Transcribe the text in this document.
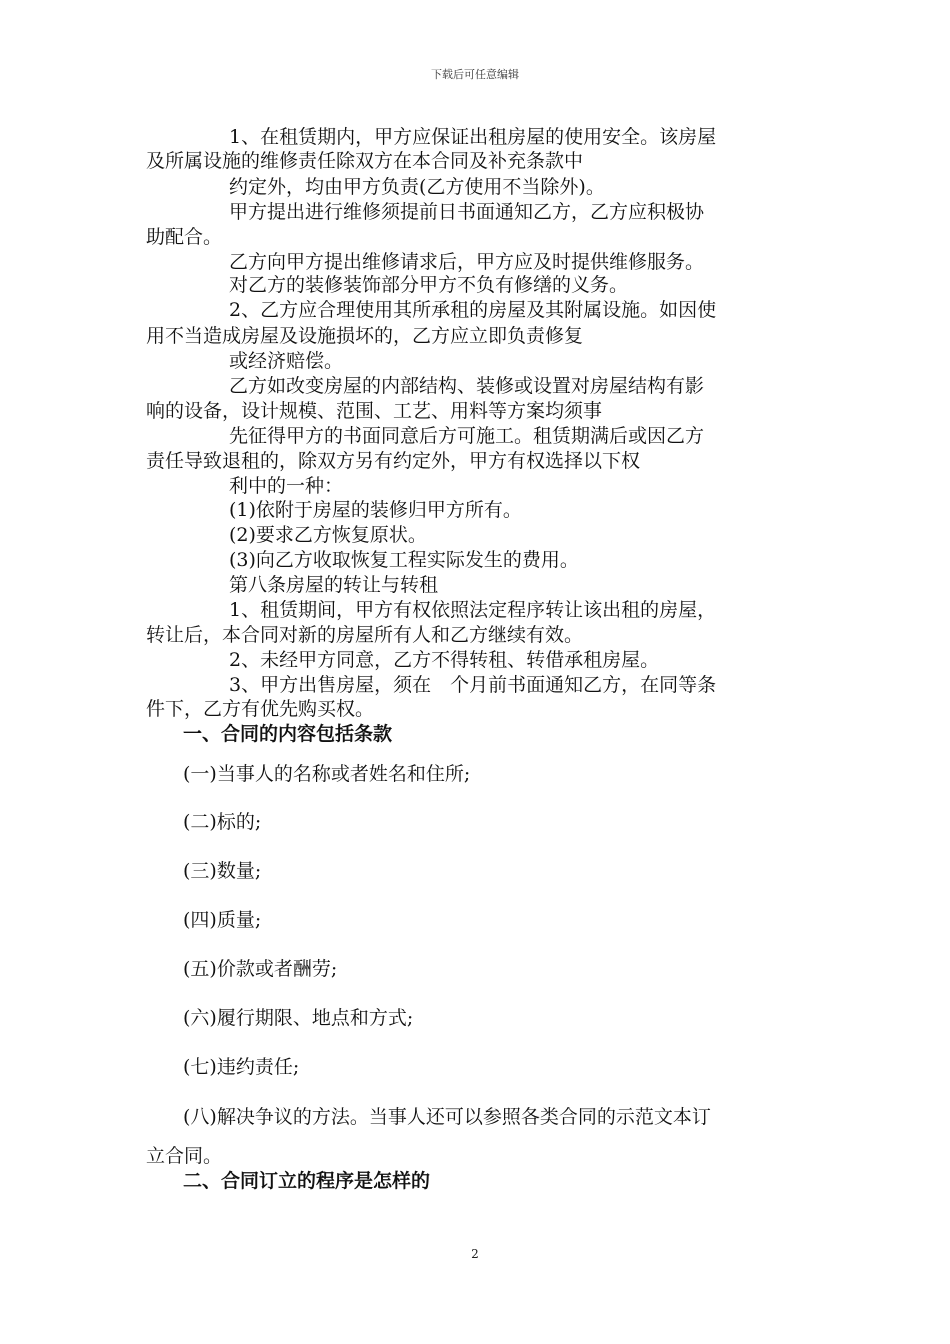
下载后可任意编辑
1、在租赁期内，甲方应保证出租房屋的使用安全。该房屋
及所属设施的维修责任除双方在本合同及补充条款中
约定外，均由甲方负责(乙方使用不当除外)。
甲方提出进行维修须提前日书面通知乙方，乙方应积极协
助配合。
乙方向甲方提出维修请求后，甲方应及时提供维修服务。
对乙方的装修装饰部分甲方不负有修缮的义务。
2、乙方应合理使用其所承租的房屋及其附属设施。如因使
用不当造成房屋及设施损坏的，乙方应立即负责修复
或经济赔偿。
乙方如改变房屋的内部结构、装修或设置对房屋结构有影
响的设备，设计规模、范围、工艺、用料等方案均须事
先征得甲方的书面同意后方可施工。租赁期满后或因乙方
责任导致退租的，除双方另有约定外，甲方有权选择以下权
利中的一种：
(1)依附于房屋的装修归甲方所有。
(2)要求乙方恢复原状。
(3)向乙方收取恢复工程实际发生的费用。
第八条房屋的转让与转租
1、租赁期间，甲方有权依照法定程序转让该出租的房屋，
转让后，本合同对新的房屋所有人和乙方继续有效。
2、未经甲方同意，乙方不得转租、转借承租房屋。
3、甲方出售房屋，须在　个月前书面通知乙方，在同等条
件下，乙方有优先购买权。
一、合同的内容包括条款
(一)当事人的名称或者姓名和住所;
(二)标的;
(三)数量;
(四)质量;
(五)价款或者酬劳;
(六)履行期限、地点和方式;
(七)违约责任;
(八)解决争议的方法。当事人还可以参照各类合同的示范文本订
立合同。
二、合同订立的程序是怎样的
2
